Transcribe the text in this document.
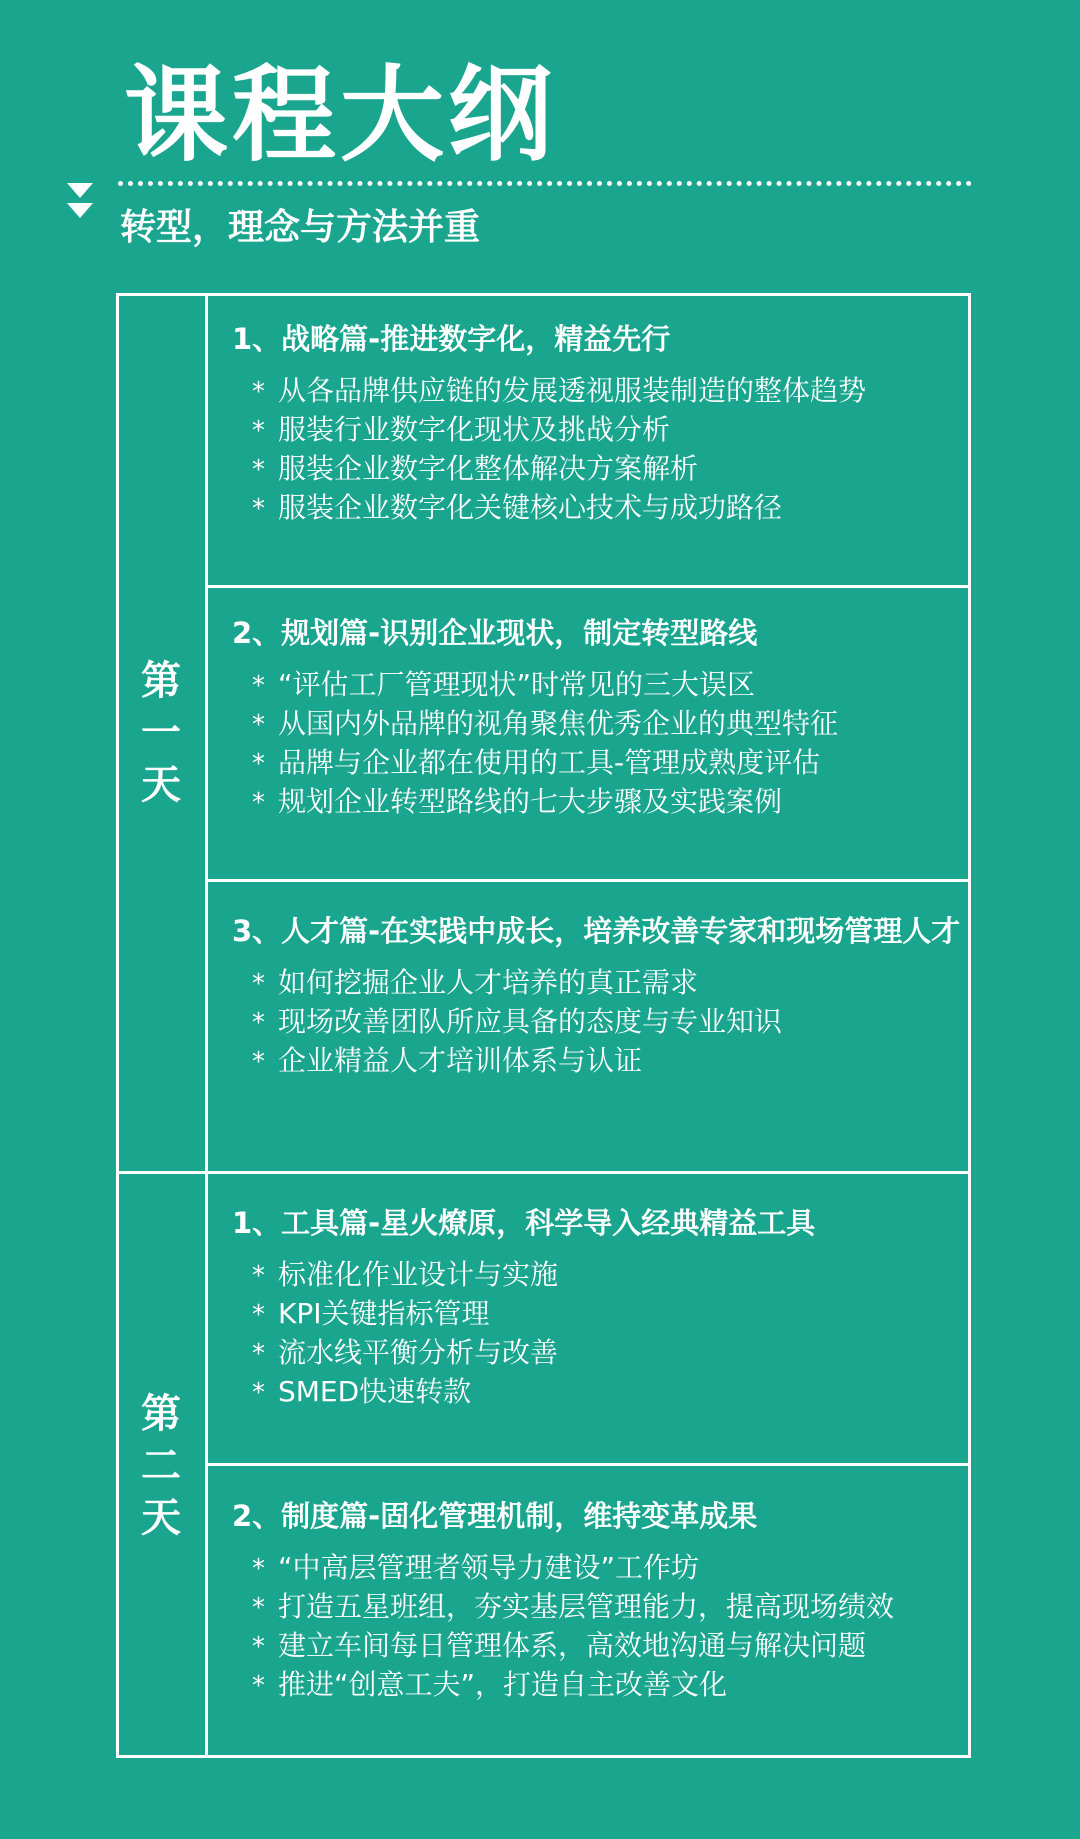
课程大纲
转型，理念与方法并重
第一天
第二天
1、战略篇-推进数字化，精益先行
* 从各品牌供应链的发展透视服装制造的整体趋势
* 服装行业数字化现状及挑战分析
* 服装企业数字化整体解决方案解析
* 服装企业数字化关键核心技术与成功路径
2、规划篇-识别企业现状，制定转型路线
* “评估工厂管理现状”时常见的三大误区
* 从国内外品牌的视角聚焦优秀企业的典型特征
* 品牌与企业都在使用的工具-管理成熟度评估
* 规划企业转型路线的七大步骤及实践案例
3、人才篇-在实践中成长，培养改善专家和现场管理人才
* 如何挖掘企业人才培养的真正需求
* 现场改善团队所应具备的态度与专业知识
* 企业精益人才培训体系与认证
1、工具篇-星火燎原，科学导入经典精益工具
* 标准化作业设计与实施
* KPI关键指标管理
* 流水线平衡分析与改善
* SMED快速转款
2、制度篇-固化管理机制，维持变革成果
* “中高层管理者领导力建设”工作坊
* 打造五星班组，夯实基层管理能力，提高现场绩效
* 建立车间每日管理体系，高效地沟通与解决问题
* 推进“创意工夫”，打造自主改善文化
